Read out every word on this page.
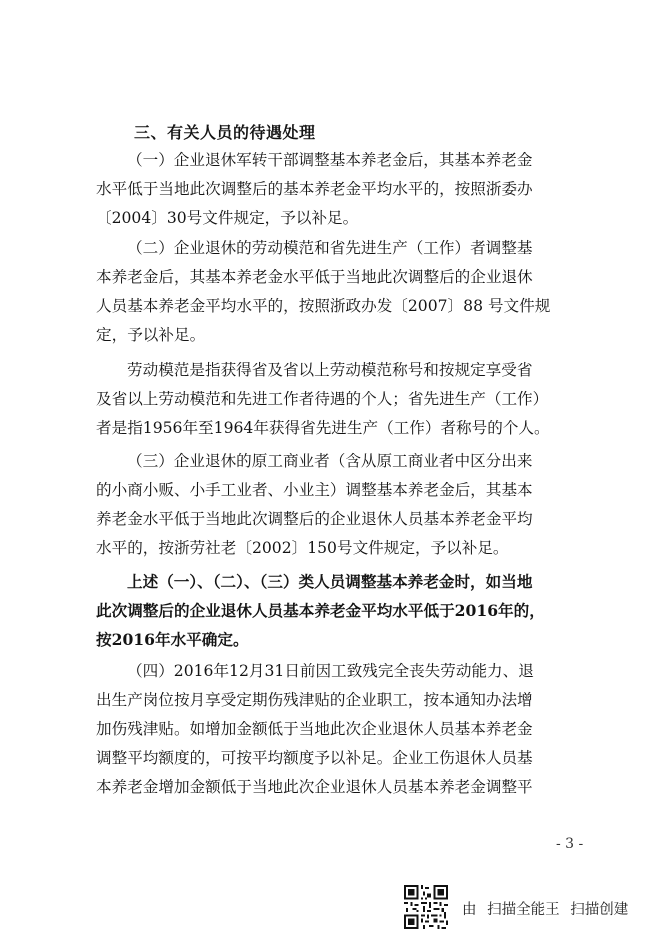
三、有关人员的待遇处理

（一）企业退休军转干部调整基本养老金后，其基本养老金
水平低于当地此次调整后的基本养老金平均水平的，按照浙委办
〔2004〕30号文件规定，予以补足。

（二）企业退休的劳动模范和省先进生产（工作）者调整基
本养老金后，其基本养老金水平低于当地此次调整后的企业退休
人员基本养老金平均水平的，按照浙政办发〔2007〕88 号文件规
定，予以补足。

劳动模范是指获得省及省以上劳动模范称号和按规定享受省
及省以上劳动模范和先进工作者待遇的个人；省先进生产（工作）
者是指1956年至1964年获得省先进生产（工作）者称号的个人。

（三）企业退休的原工商业者（含从原工商业者中区分出来
的小商小贩、小手工业者、小业主）调整基本养老金后，其基本
养老金水平低于当地此次调整后的企业退休人员基本养老金平均
水平的，按浙劳社老〔2002〕150号文件规定，予以补足。

上述（一）、（二）、（三）类人员调整基本养老金时，如当地
此次调整后的企业退休人员基本养老金平均水平低于2016年的，
按2016年水平确定。

（四）2016年12月31日前因工致残完全丧失劳动能力、退
出生产岗位按月享受定期伤残津贴的企业职工，按本通知办法增
加伤残津贴。如增加金额低于当地此次企业退休人员基本养老金
调整平均额度的，可按平均额度予以补足。企业工伤退休人员基
本养老金增加金额低于当地此次企业退休人员基本养老金调整平

- 3 -
由 扫描全能王 扫描创建
